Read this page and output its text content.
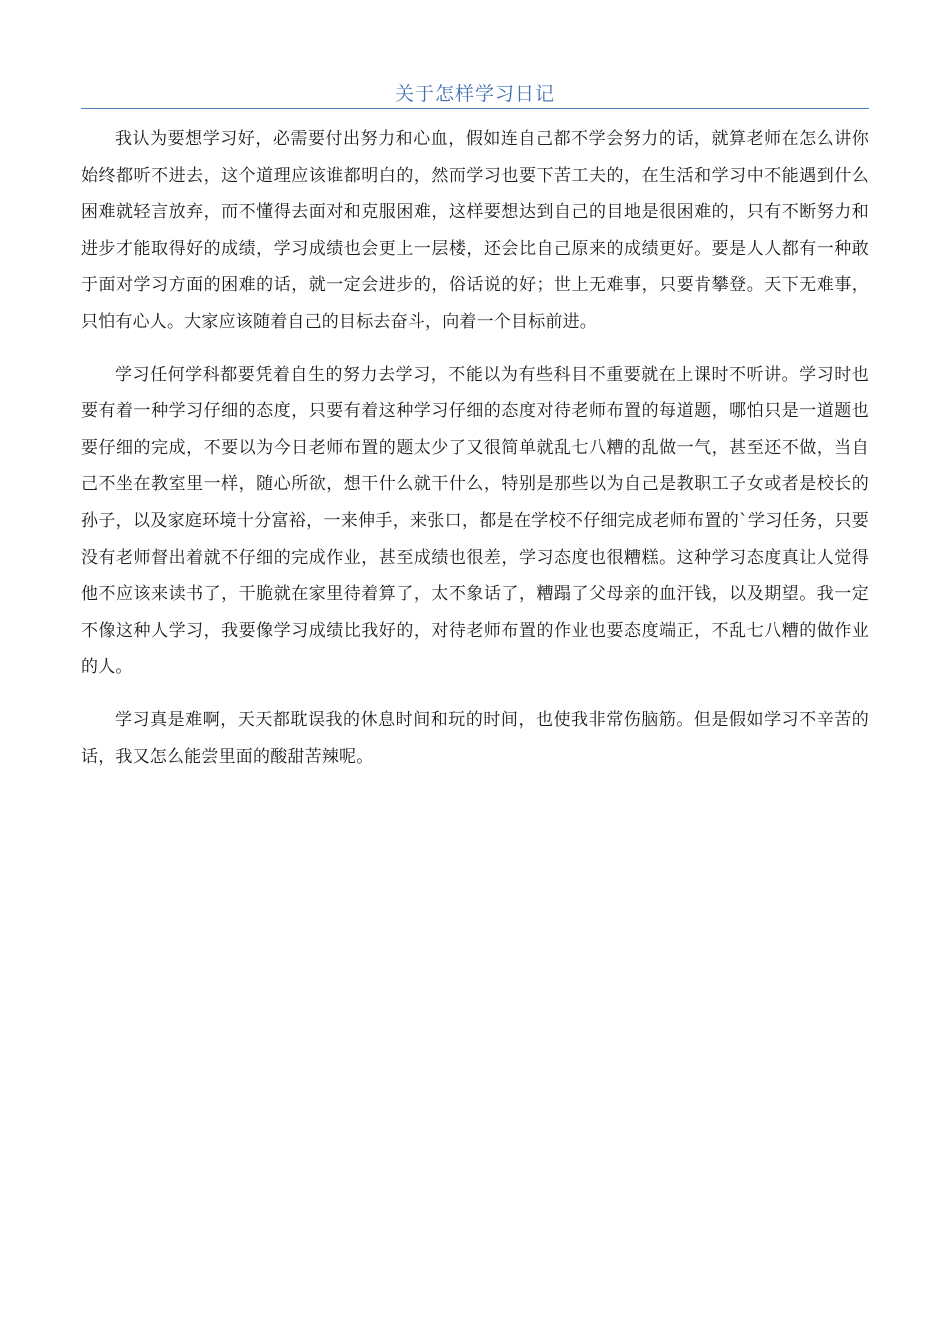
关于怎样学习日记

我认为要想学习好，必需要付出努力和心血，假如连自己都不学会努力的话，就算老师在怎么讲你始终都听不进去，这个道理应该谁都明白的，然而学习也要下苦工夫的，在生活和学习中不能遇到什么困难就轻言放弃，而不懂得去面对和克服困难，这样要想达到自己的目地是很困难的，只有不断努力和进步才能取得好的成绩，学习成绩也会更上一层楼，还会比自己原来的成绩更好。要是人人都有一种敢于面对学习方面的困难的话，就一定会进步的，俗话说的好；世上无难事，只要肯攀登。天下无难事，只怕有心人。大家应该随着自己的目标去奋斗，向着一个目标前进。

学习任何学科都要凭着自生的努力去学习，不能以为有些科目不重要就在上课时不听讲。学习时也要有着一种学习仔细的态度，只要有着这种学习仔细的态度对待老师布置的每道题，哪怕只是一道题也要仔细的完成，不要以为今日老师布置的题太少了又很简单就乱七八糟的乱做一气，甚至还不做，当自己不坐在教室里一样，随心所欲，想干什么就干什么，特别是那些以为自己是教职工子女或者是校长的孙子，以及家庭环境十分富裕，一来伸手，来张口，都是在学校不仔细完成老师布置的`学习任务，只要没有老师督出着就不仔细的完成作业，甚至成绩也很差，学习态度也很糟糕。这种学习态度真让人觉得他不应该来读书了，干脆就在家里待着算了，太不象话了，糟蹋了父母亲的血汗钱，以及期望。我一定不像这种人学习，我要像学习成绩比我好的，对待老师布置的作业也要态度端正，不乱七八糟的做作业的人。

学习真是难啊，天天都耽误我的休息时间和玩的时间，也使我非常伤脑筋。但是假如学习不辛苦的话，我又怎么能尝里面的酸甜苦辣呢。
